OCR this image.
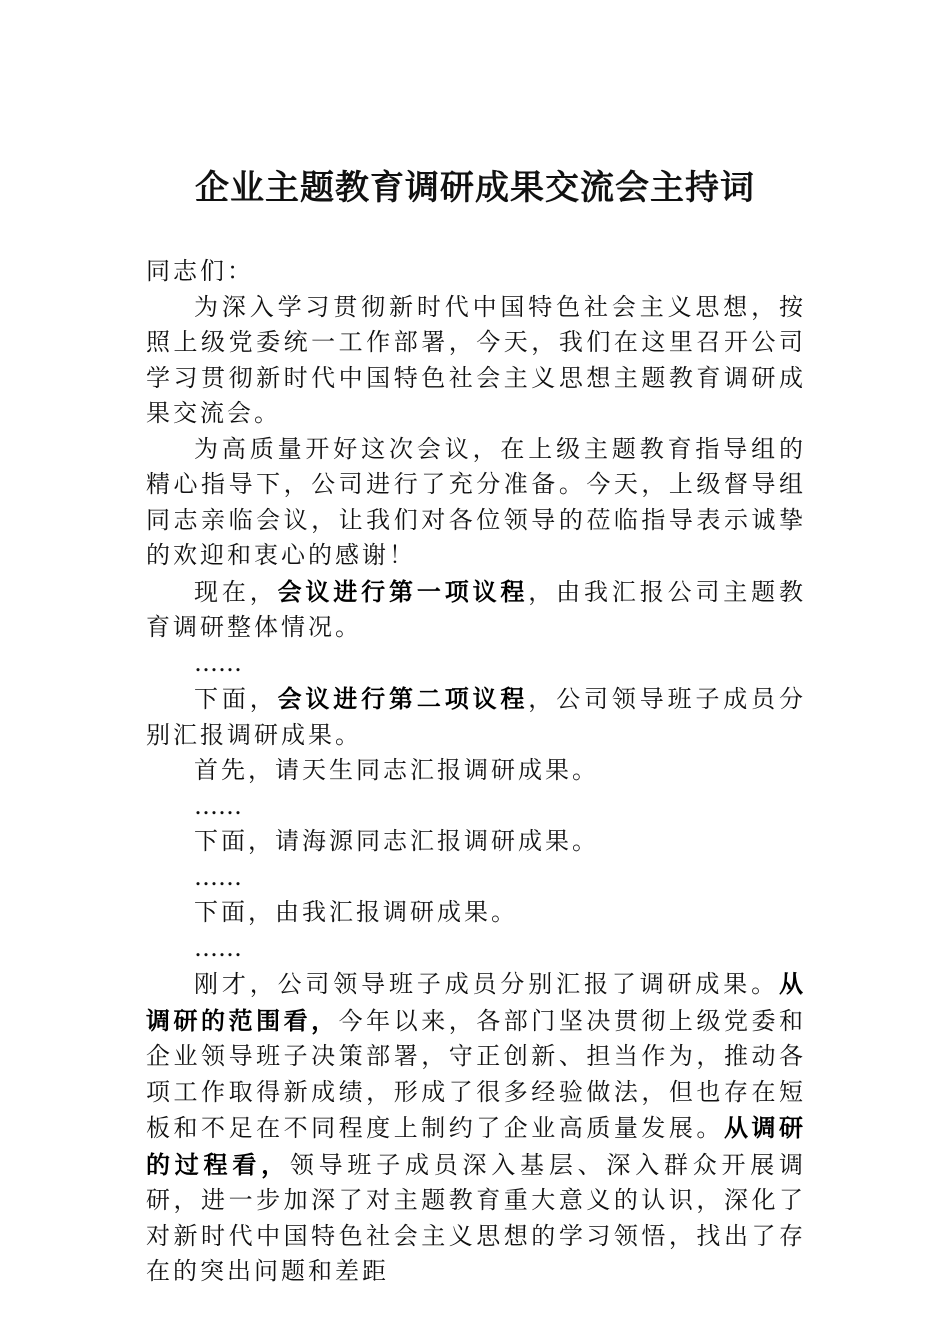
企业主题教育调研成果交流会主持词

同志们：

为深入学习贯彻新时代中国特色社会主义思想，按照上级党委统一工作部署，今天，我们在这里召开公司学习贯彻新时代中国特色社会主义思想主题教育调研成果交流会。

为高质量开好这次会议，在上级主题教育指导组的精心指导下，公司进行了充分准备。今天，上级督导组同志亲临会议，让我们对各位领导的莅临指导表示诚挚的欢迎和衷心的感谢！

现在，会议进行第一项议程，由我汇报公司主题教育调研整体情况。

……

下面，会议进行第二项议程，公司领导班子成员分别汇报调研成果。

首先，请天生同志汇报调研成果。

……

下面，请海源同志汇报调研成果。

……

下面，由我汇报调研成果。

……

刚才，公司领导班子成员分别汇报了调研成果。从调研的范围看，今年以来，各部门坚决贯彻上级党委和企业领导班子决策部署，守正创新、担当作为，推动各项工作取得新成绩，形成了很多经验做法，但也存在短板和不足在不同程度上制约了企业高质量发展。从调研的过程看，领导班子成员深入基层、深入群众开展调研，进一步加深了对主题教育重大意义的认识，深化了对新时代中国特色社会主义思想的学习领悟，找出了存在的突出问题和差距
